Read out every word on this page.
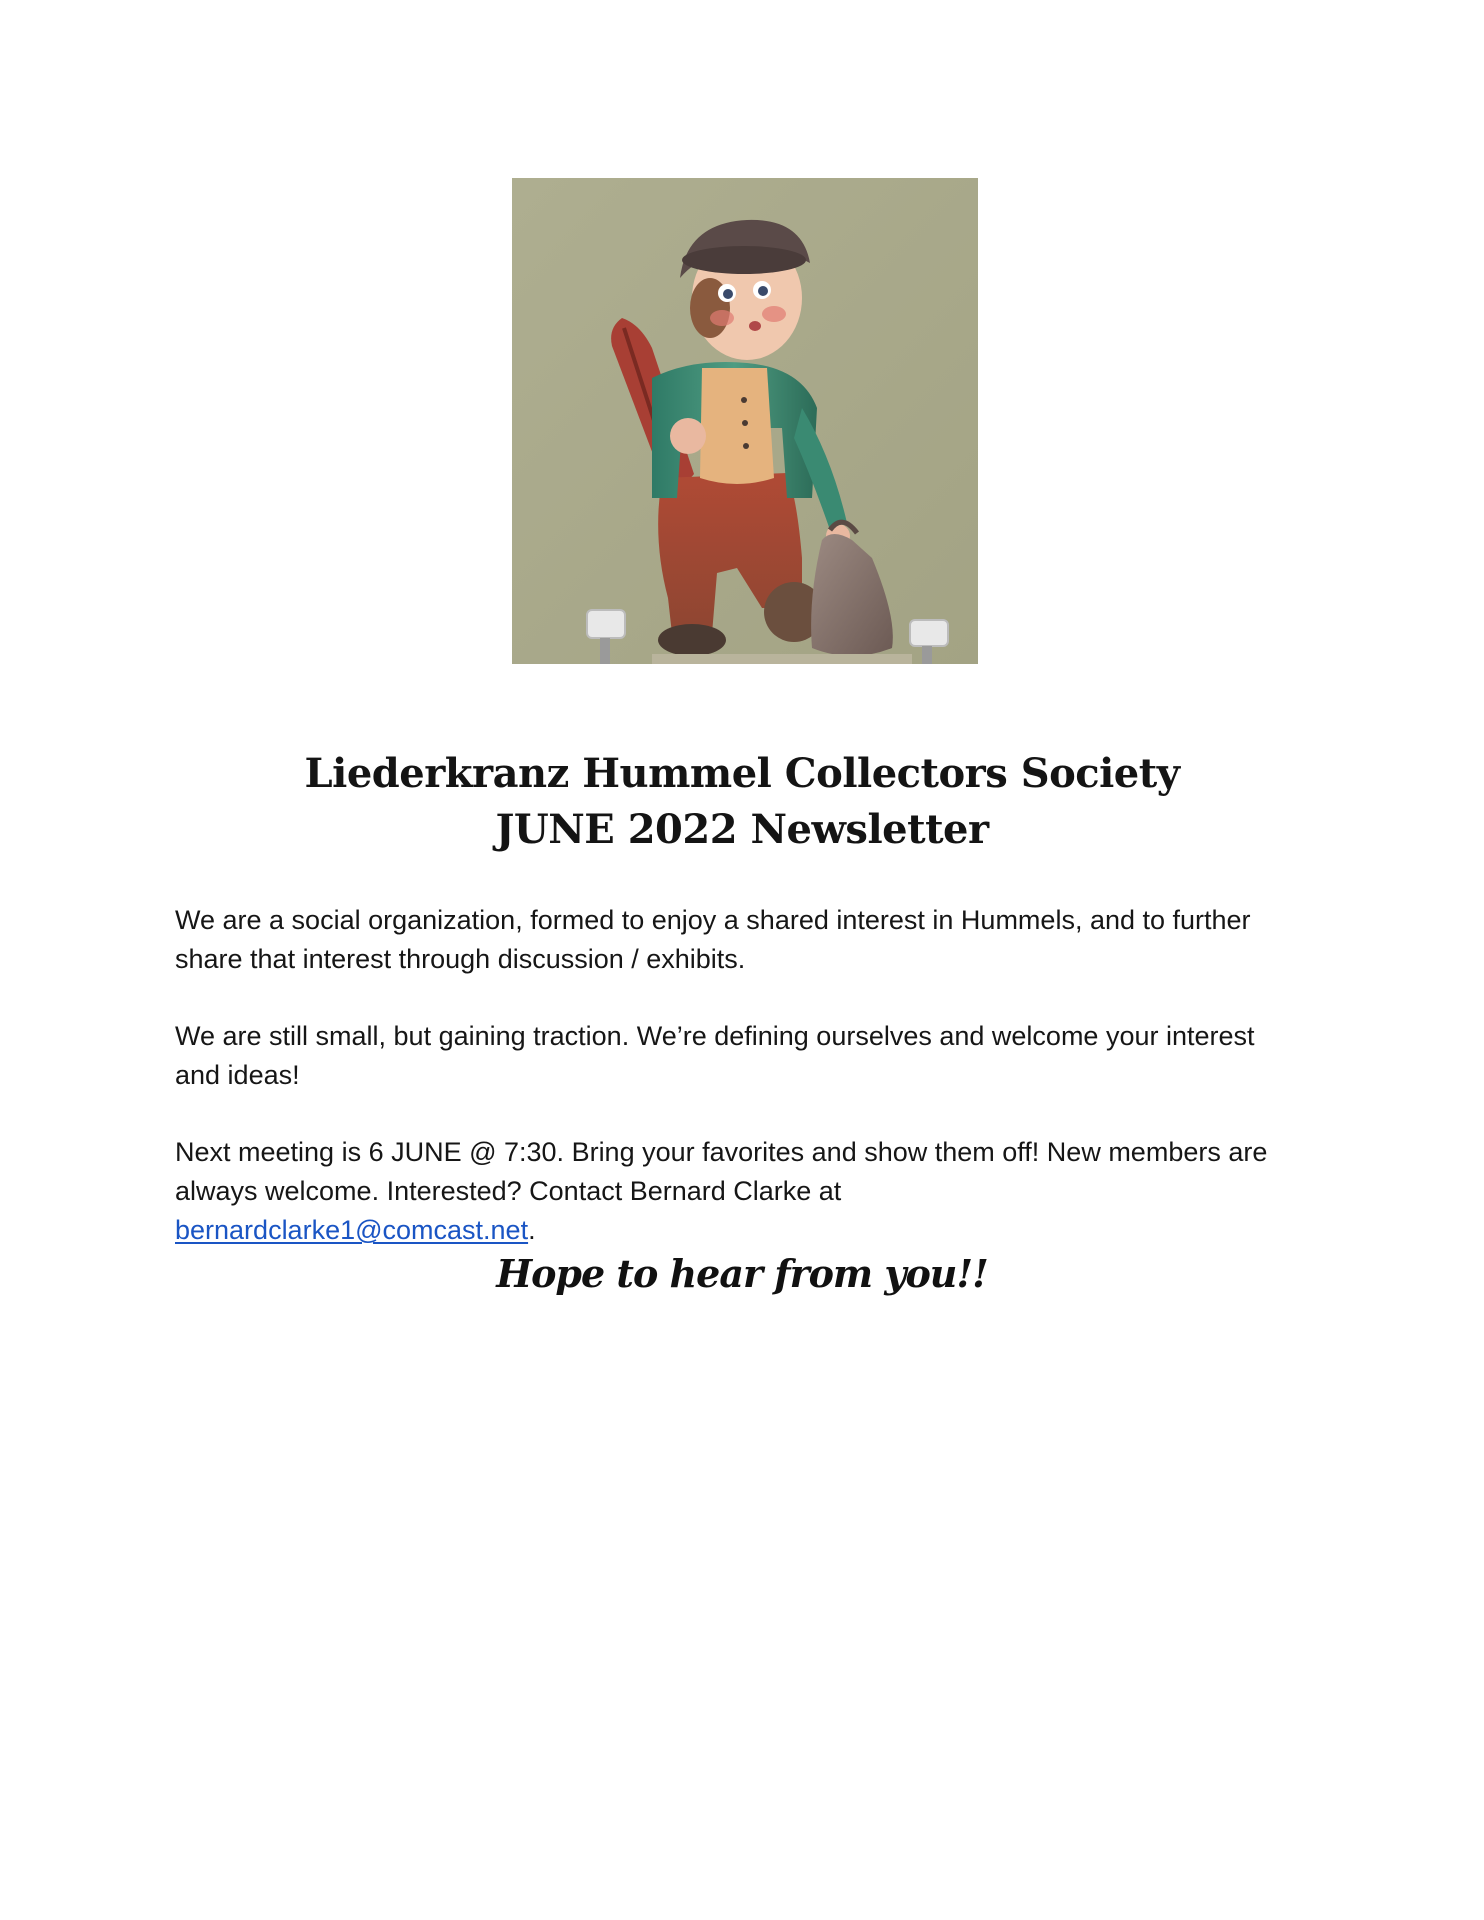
Liederkranz Hummel Collectors Society
JUNE 2022 Newsletter

We are a social organization, formed to enjoy a shared interest in Hummels, and to further share that interest through discussion / exhibits.

We are still small, but gaining traction. We’re defining ourselves and welcome your interest and ideas!

Next meeting is 6 JUNE @ 7:30. Bring your favorites and show them off! New members are always welcome. Interested? Contact Bernard Clarke at
bernardclarke1@comcast.net.

Hope to hear from you!!
